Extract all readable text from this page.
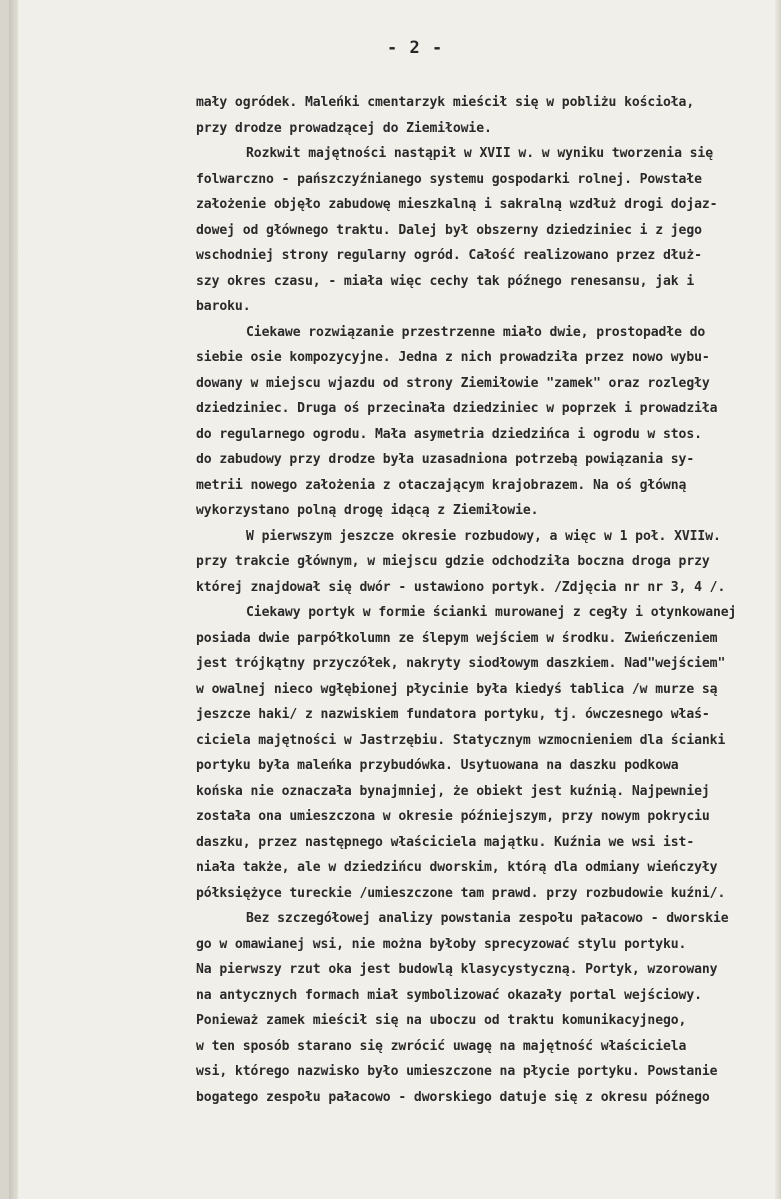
- 2 -
mały ogródek. Maleńki cmentarzyk mieścił się w pobliżu kościoła,
przy drodze prowadzącej do Ziemiłowie.
Rozkwit majętności nastąpił w XVII w. w wyniku tworzenia się
folwarczno - pańszczyźnianego systemu gospodarki rolnej. Powstałe
założenie objęło zabudowę mieszkalną i sakralną wzdłuż drogi dojaz-
dowej od głównego traktu. Dalej był obszerny dziedziniec i z jego
wschodniej strony regularny ogród. Całość realizowano przez dłuż-
szy okres czasu, - miała więc cechy tak późnego renesansu, jak i
baroku.
Ciekawe rozwiązanie przestrzenne miało dwie, prostopadłe do
siebie osie kompozycyjne. Jedna z nich prowadziła przez nowo wybu-
dowany w miejscu wjazdu od strony Ziemiłowie "zamek" oraz rozległy
dziedziniec. Druga oś przecinała dziedziniec w poprzek i prowadziła
do regularnego ogrodu. Mała asymetria dziedzińca i ogrodu w stos.
do zabudowy przy drodze była uzasadniona potrzebą powiązania sy-
metrii nowego założenia z otaczającym krajobrazem. Na oś główną
wykorzystano polną drogę idącą z Ziemiłowie.
W pierwszym jeszcze okresie rozbudowy, a więc w 1 poł. XVIIw.
przy trakcie głównym, w miejscu gdzie odchodziła boczna droga przy
której znajdował się dwór - ustawiono portyk. /Zdjęcia nr nr 3, 4 /.
Ciekawy portyk w formie ścianki murowanej z cegły i otynkowanej
posiada dwie parpółkolumn ze ślepym wejściem w środku. Zwieńczeniem
jest trójkątny przyczółek, nakryty siodłowym daszkiem. Nad"wejściem"
w owalnej nieco wgłębionej płycinie była kiedyś tablica /w murze są
jeszcze haki/ z nazwiskiem fundatora portyku, tj. ówczesnego właś-
ciciela majętności w Jastrzębiu. Statycznym wzmocnieniem dla ścianki
portyku była maleńka przybudówka. Usytuowana na daszku podkowa
końska nie oznaczała bynajmniej, że obiekt jest kuźnią. Najpewniej
została ona umieszczona w okresie późniejszym, przy nowym pokryciu
daszku, przez następnego właściciela majątku. Kuźnia we wsi ist-
niała także, ale w dziedzińcu dworskim, którą dla odmiany wieńczyły
półksiężyce tureckie /umieszczone tam prawd. przy rozbudowie kuźni/.
Bez szczegółowej analizy powstania zespołu pałacowo - dworskie
go w omawianej wsi, nie można byłoby sprecyzować stylu portyku.
Na pierwszy rzut oka jest budowlą klasycystyczną. Portyk, wzorowany
na antycznych formach miał symbolizować okazały portal wejściowy.
Ponieważ zamek mieścił się na uboczu od traktu komunikacyjnego,
w ten sposób starano się zwrócić uwagę na majętność właściciela
wsi, którego nazwisko było umieszczone na płycie portyku. Powstanie
bogatego zespołu pałacowo - dworskiego datuje się z okresu późnego
